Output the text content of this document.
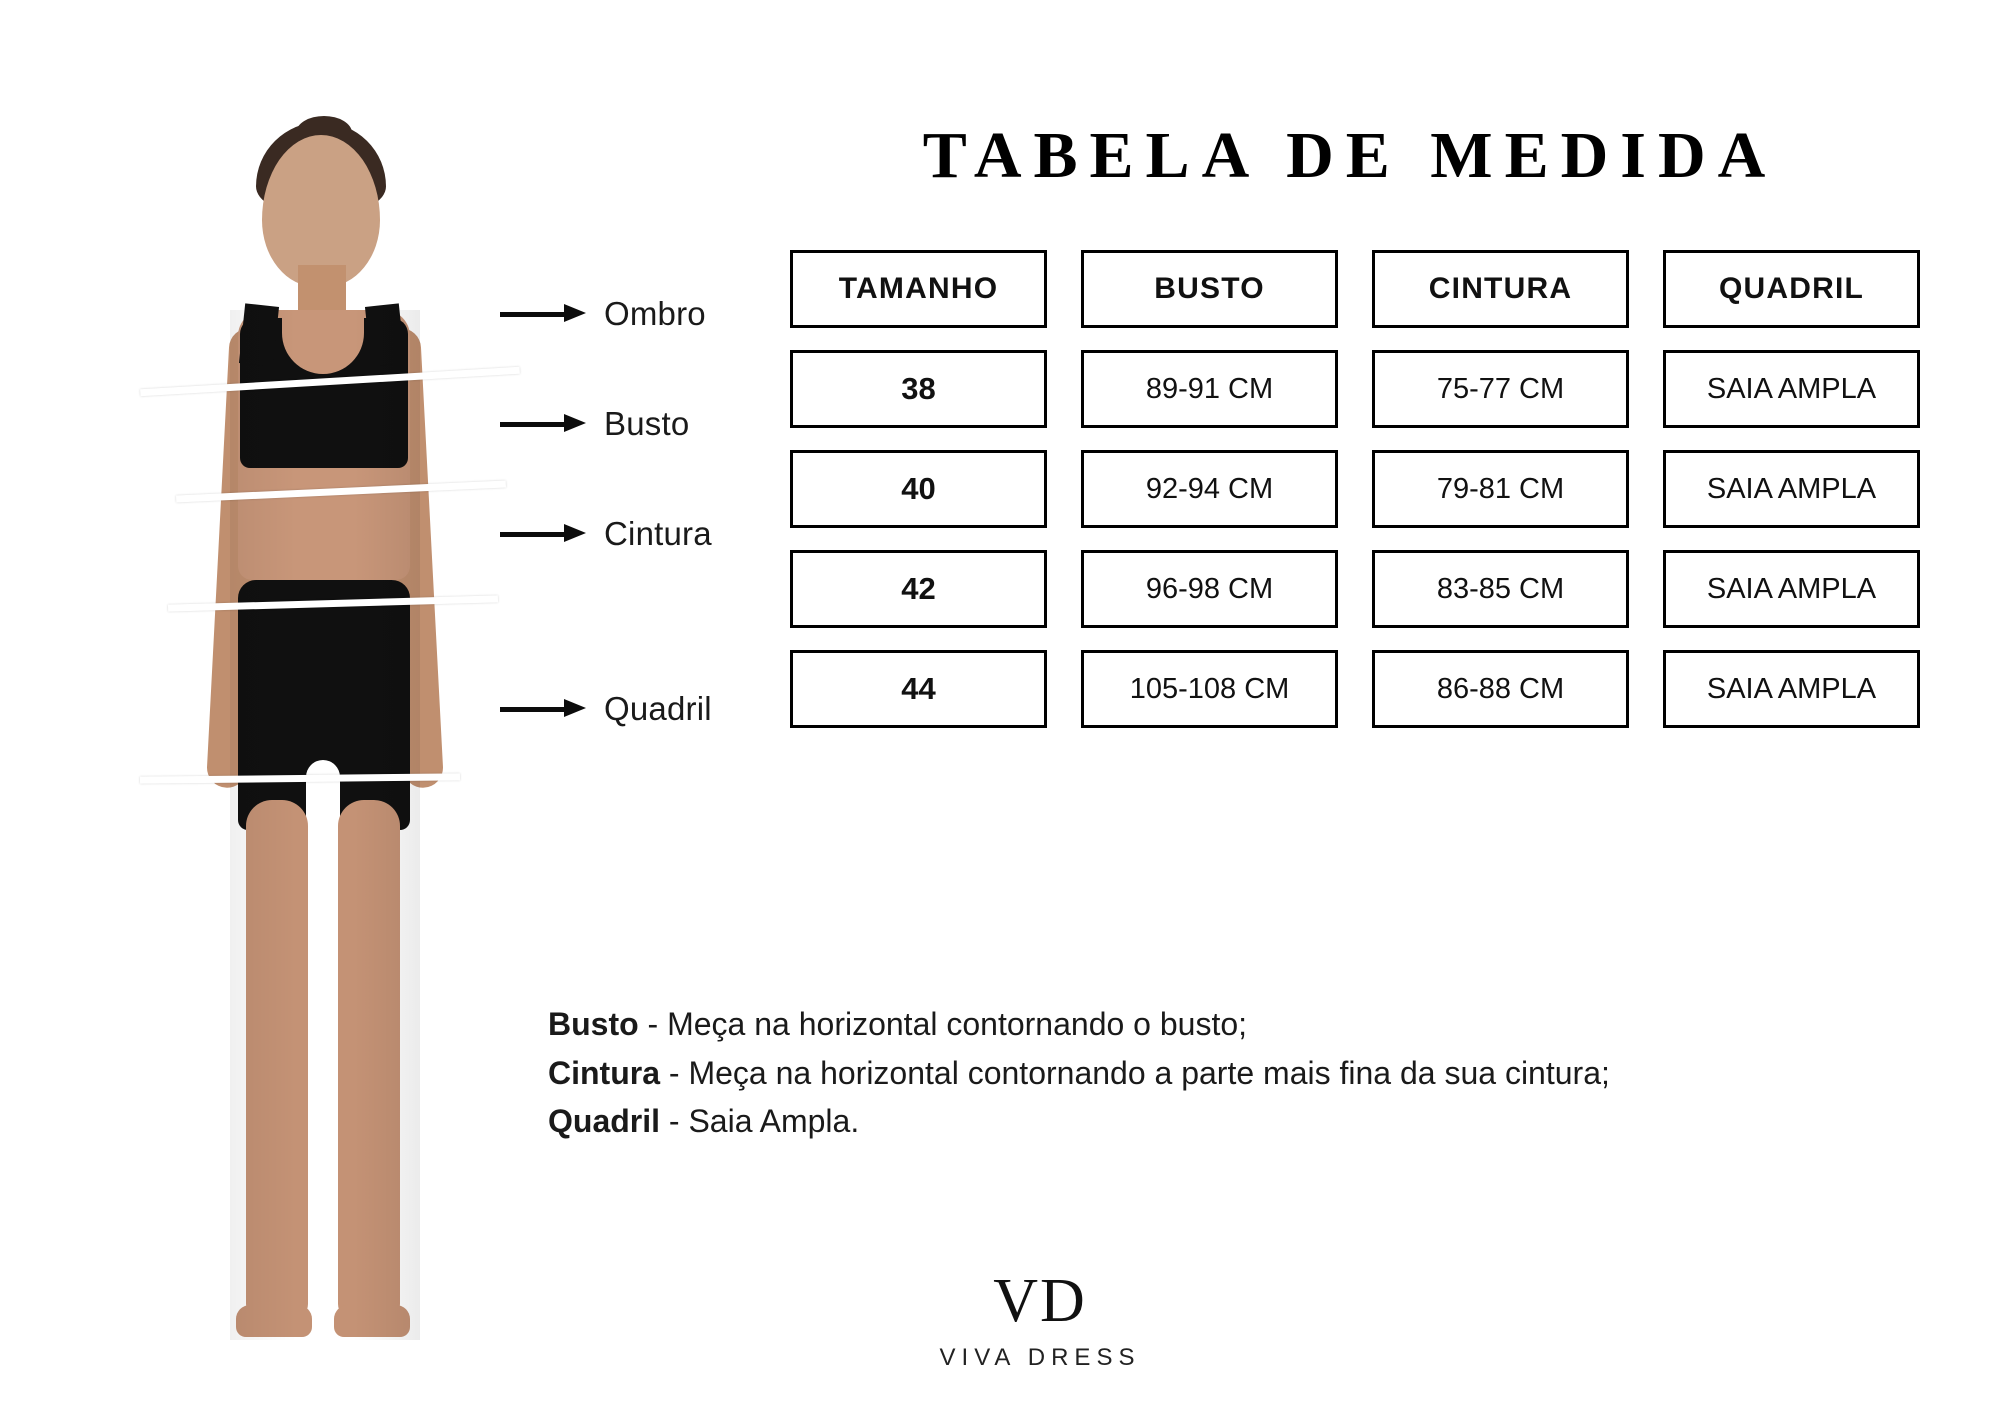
Ombro
Busto
Cintura
Quadril
TABELA DE MEDIDA
TAMANHO	BUSTO	CINTURA	QUADRIL
38	89-91 CM	75-77 CM	SAIA AMPLA
40	92-94 CM	79-81 CM	SAIA AMPLA
42	96-98 CM	83-85 CM	SAIA AMPLA
44	105-108 CM	86-88 CM	SAIA AMPLA
Busto - Meça na horizontal contornando o busto;
Cintura - Meça na horizontal contornando a parte mais fina da sua cintura;
Quadril - Saia Ampla.
VD
VIVA DRESS
